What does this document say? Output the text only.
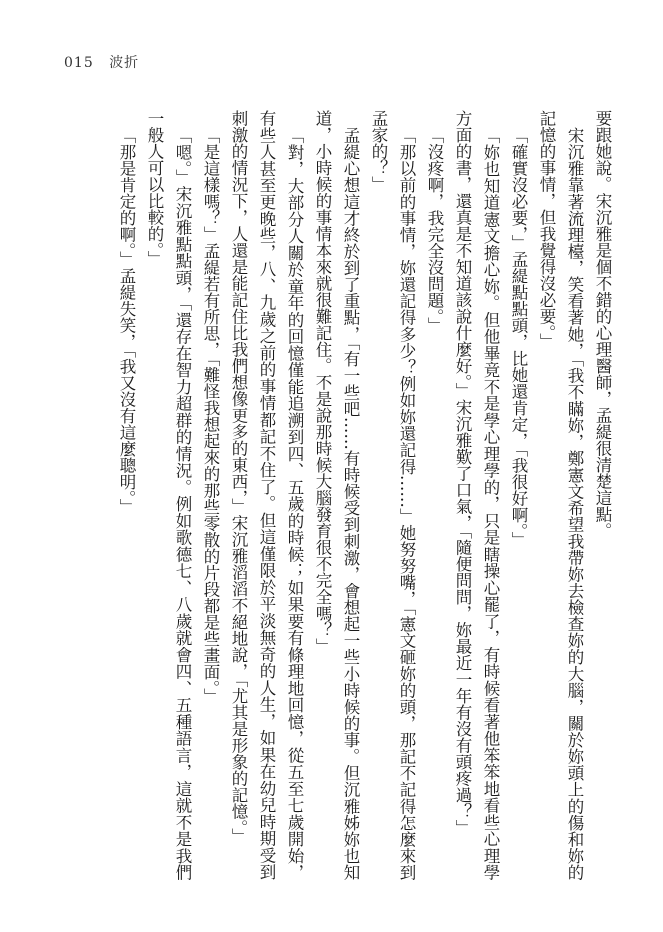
015 波折

要跟她說。宋沉雅是個不錯的心理醫師，孟緹很清楚這點。

宋沉雅靠著流理檯，笑看著她，「我不瞞妳，鄭憲文希望我帶妳去檢查妳的大腦，關於妳頭上的傷和妳的記憶的事情，但我覺得沒必要。」

「確實沒必要，」孟緹點點頭，比她還肯定，「我很好啊。」

「妳也知道憲文擔心妳。但他畢竟不是學心理學的，只是瞎操心罷了，有時候看著他笨笨地看些心理學方面的書，還真是不知道該說什麼好。」宋沉雅歎了口氣，「隨便問問，妳最近一年有沒有頭疼過？」

「沒疼啊，我完全沒問題。」

「那以前的事情，妳還記得多少？例如妳還記得……」她努努嘴，「憲文砸妳的頭，那記不記得怎麼來到孟家的？」

孟緹心想這才終於到了重點，「有一些吧……有時候受到刺激，會想起一些小時候的事。但沉雅姊妳也知道，小時候的事情本來就很難記住。不是說那時候大腦發育很不完全嗎？」

「對，大部分人關於童年的回憶僅能追溯到四、五歲的時候；如果要有條理地回憶，從五至七歲開始，有些人甚至更晚些，八、九歲之前的事情都記不住了。但這僅限於平淡無奇的人生，如果在幼兒時期受到刺激的情況下，人還是能記住比我們想像更多的東西，」宋沉雅滔滔不絕地說，「尤其是形象的記憶。」

「是這樣嗎？」孟緹若有所思，「難怪我想起來的那些零散的片段都是些畫面。」

「嗯。」宋沉雅點點頭，「還存在智力超群的情況。例如歌德七、八歲就會四、五種語言，這就不是我們一般人可以比較的。」

「那是肯定的啊。」孟緹失笑，「我又沒有這麼聰明。」
